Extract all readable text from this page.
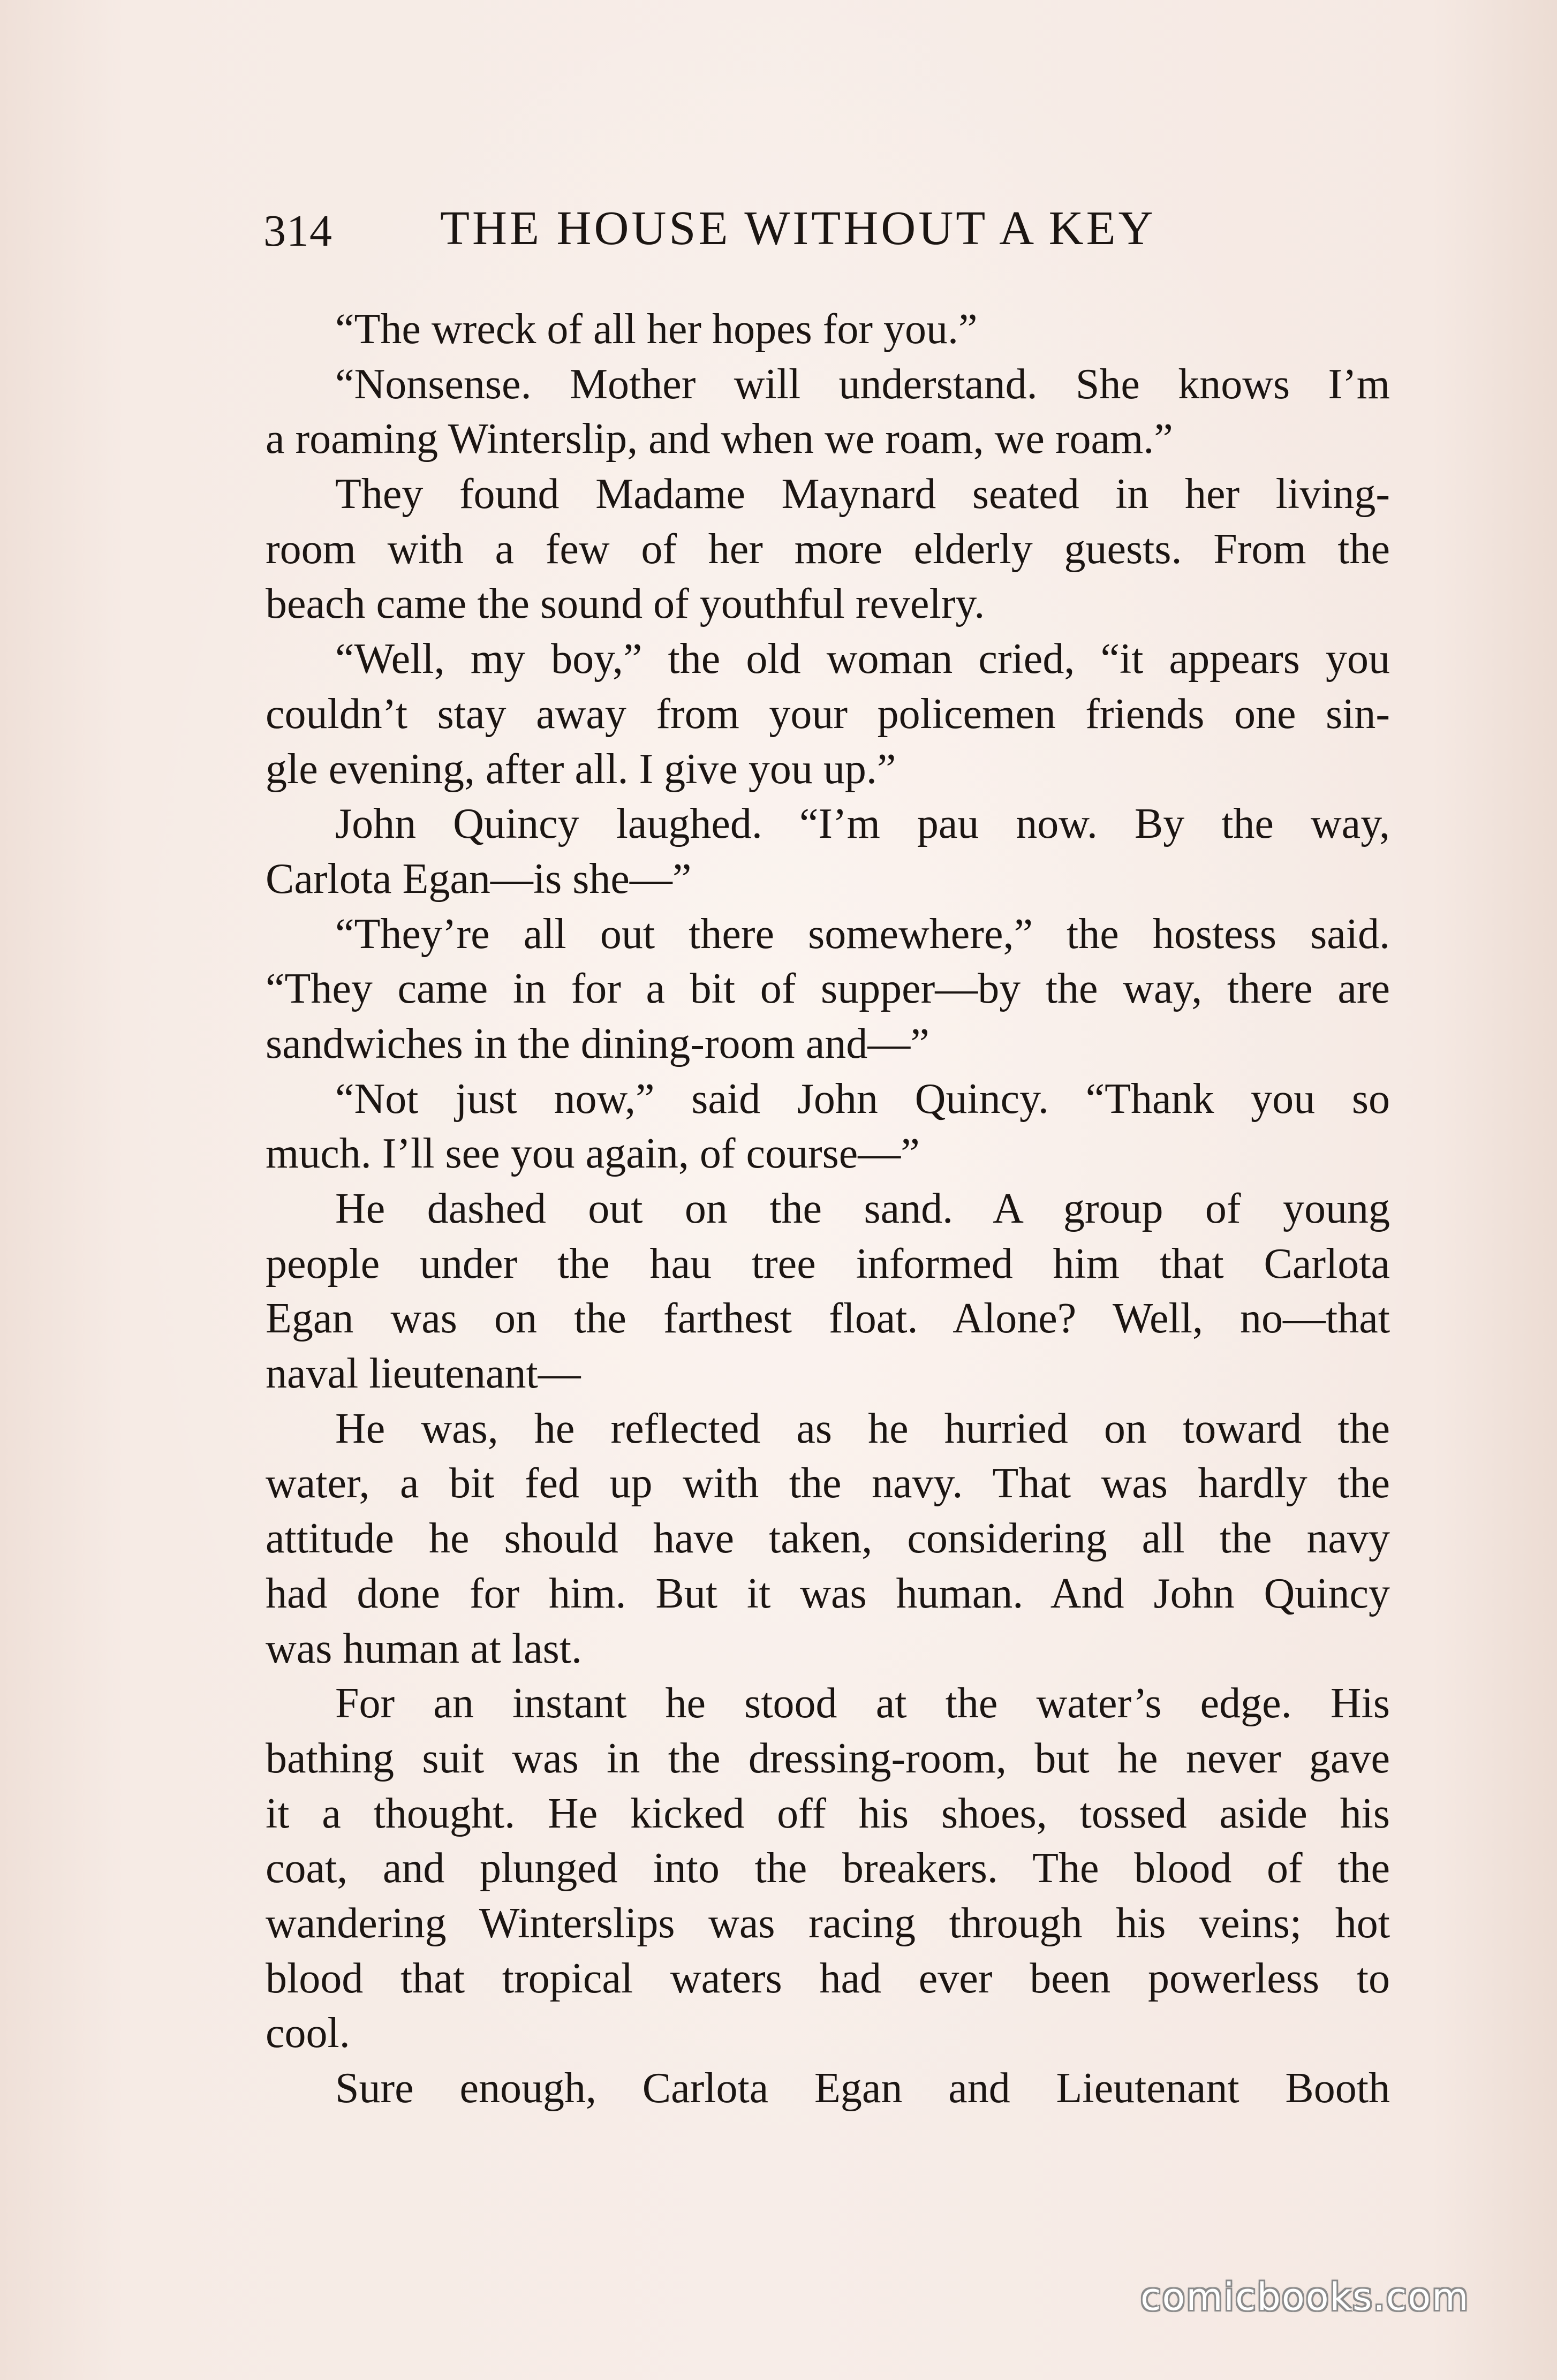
314 THE HOUSE WITHOUT A KEY
“The wreck of all her hopes for you.”
“Nonsense. Mother will understand. She knows I’m
a roaming Winterslip, and when we roam, we roam.”
They found Madame Maynard seated in her living-
room with a few of her more elderly guests. From the
beach came the sound of youthful revelry.
“Well, my boy,” the old woman cried, “it appears you
couldn’t stay away from your policemen friends one sin-
gle evening, after all. I give you up.”
John Quincy laughed. “I’m pau now. By the way,
Carlota Egan—is she—”
“They’re all out there somewhere,” the hostess said.
“They came in for a bit of supper—by the way, there are
sandwiches in the dining-room and—”
“Not just now,” said John Quincy. “Thank you so
much. I’ll see you again, of course—”
He dashed out on the sand. A group of young
people under the hau tree informed him that Carlota
Egan was on the farthest float. Alone? Well, no—that
naval lieutenant—
He was, he reflected as he hurried on toward the
water, a bit fed up with the navy. That was hardly the
attitude he should have taken, considering all the navy
had done for him. But it was human. And John Quincy
was human at last.
For an instant he stood at the water’s edge. His
bathing suit was in the dressing-room, but he never gave
it a thought. He kicked off his shoes, tossed aside his
coat, and plunged into the breakers. The blood of the
wandering Winterslips was racing through his veins; hot
blood that tropical waters had ever been powerless to
cool.
Sure enough, Carlota Egan and Lieutenant Booth
comicbooks.com
